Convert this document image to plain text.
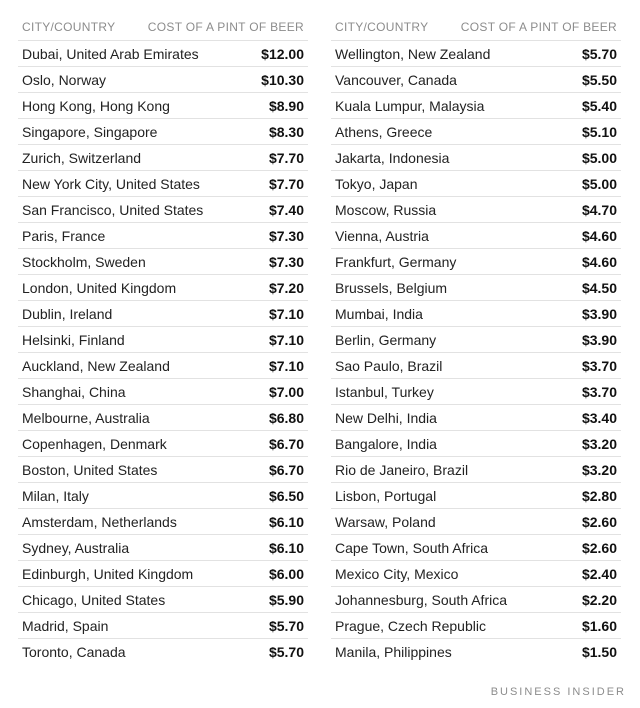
CITY/COUNTRY	COST OF A PINT OF BEER
Dubai, United Arab Emirates	$12.00
Oslo, Norway	$10.30
Hong Kong, Hong Kong	$8.90
Singapore, Singapore	$8.30
Zurich, Switzerland	$7.70
New York City, United States	$7.70
San Francisco, United States	$7.40
Paris, France	$7.30
Stockholm, Sweden	$7.30
London, United Kingdom	$7.20
Dublin, Ireland	$7.10
Helsinki, Finland	$7.10
Auckland, New Zealand	$7.10
Shanghai, China	$7.00
Melbourne, Australia	$6.80
Copenhagen, Denmark	$6.70
Boston, United States	$6.70
Milan, Italy	$6.50
Amsterdam, Netherlands	$6.10
Sydney, Australia	$6.10
Edinburgh, United Kingdom	$6.00
Chicago, United States	$5.90
Madrid, Spain	$5.70
Toronto, Canada	$5.70
CITY/COUNTRY	COST OF A PINT OF BEER
Wellington, New Zealand	$5.70
Vancouver, Canada	$5.50
Kuala Lumpur, Malaysia	$5.40
Athens, Greece	$5.10
Jakarta, Indonesia	$5.00
Tokyo, Japan	$5.00
Moscow, Russia	$4.70
Vienna, Austria	$4.60
Frankfurt, Germany	$4.60
Brussels, Belgium	$4.50
Mumbai, India	$3.90
Berlin, Germany	$3.90
Sao Paulo, Brazil	$3.70
Istanbul, Turkey	$3.70
New Delhi, India	$3.40
Bangalore, India	$3.20
Rio de Janeiro, Brazil	$3.20
Lisbon, Portugal	$2.80
Warsaw, Poland	$2.60
Cape Town, South Africa	$2.60
Mexico City, Mexico	$2.40
Johannesburg, South Africa	$2.20
Prague, Czech Republic	$1.60
Manila, Philippines	$1.50
BUSINESS INSIDER
